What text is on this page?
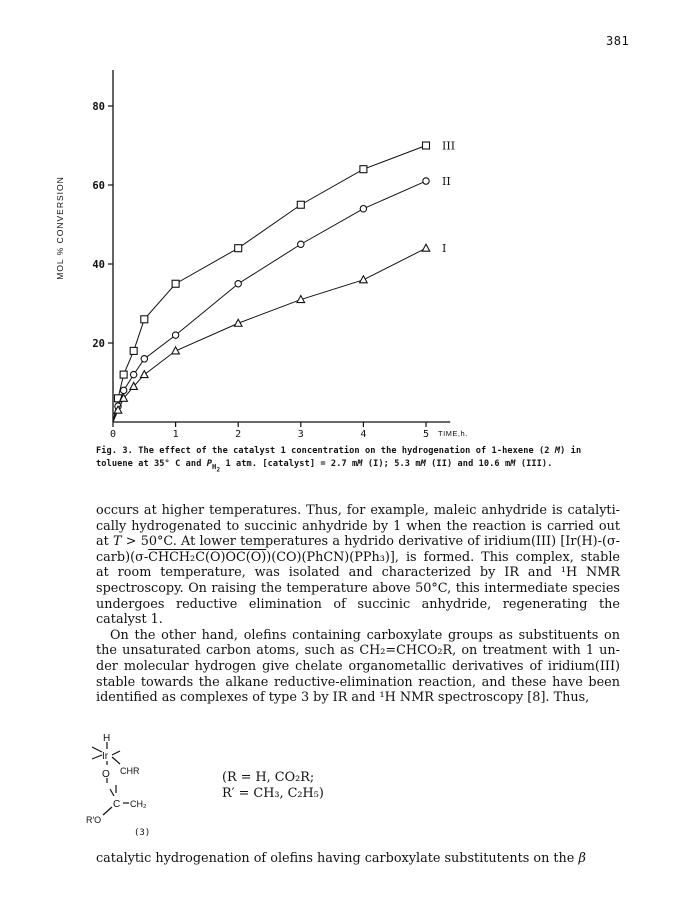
381
20
40
60
80
0	1	2	3	4	5
MOL % CONVERSION
TIME,h.
III
II
I
Fig. 3. The effect of the catalyst 1 concentration on the hydrogenation of 1-hexene (2 M) in toluene at 35° C and $P_{H_2}$ 1 atm. [catalyst] = 2.7 mM (I); 5.3 mM (II) and 10.6 mM (III).

occurs at higher temperatures. Thus, for example, maleic anhydride is catalyti-cally hydrogenated to succinic anhydride by 1 when the reaction is carried out at T > 50°C. At lower temperatures a hydrido derivative of iridium(III) [Ir(H)-(σ-carb)(σ-CHCH₂C(O)OC(O))(CO)(PhCN)(PPh₃)], is formed. This complex, stable at room temperature, was isolated and characterized by IR and ¹H NMR spectroscopy. On raising the temperature above 50°C, this intermediate species undergoes reductive elimination of succinic anhydride, regenerating the catalyst 1.

On the other hand, olefins containing carboxylate groups as substituents on the unsaturated carbon atoms, such as CH₂=CHCO₂R, on treatment with 1 un-der molecular hydrogen give chelate organometallic derivatives of iridium(III) stable towards the alkane reductive-elimination reaction, and these have been identified as complexes of type 3 by IR and ¹H NMR spectroscopy [8]. Thus,

H
Ir
CHR
O
C CH₂
R′O
(R = H, CO₂R;
R′ = CH₃, C₂H₅)
(3)
catalytic hydrogenation of olefins having carboxylate substitutents on the β
